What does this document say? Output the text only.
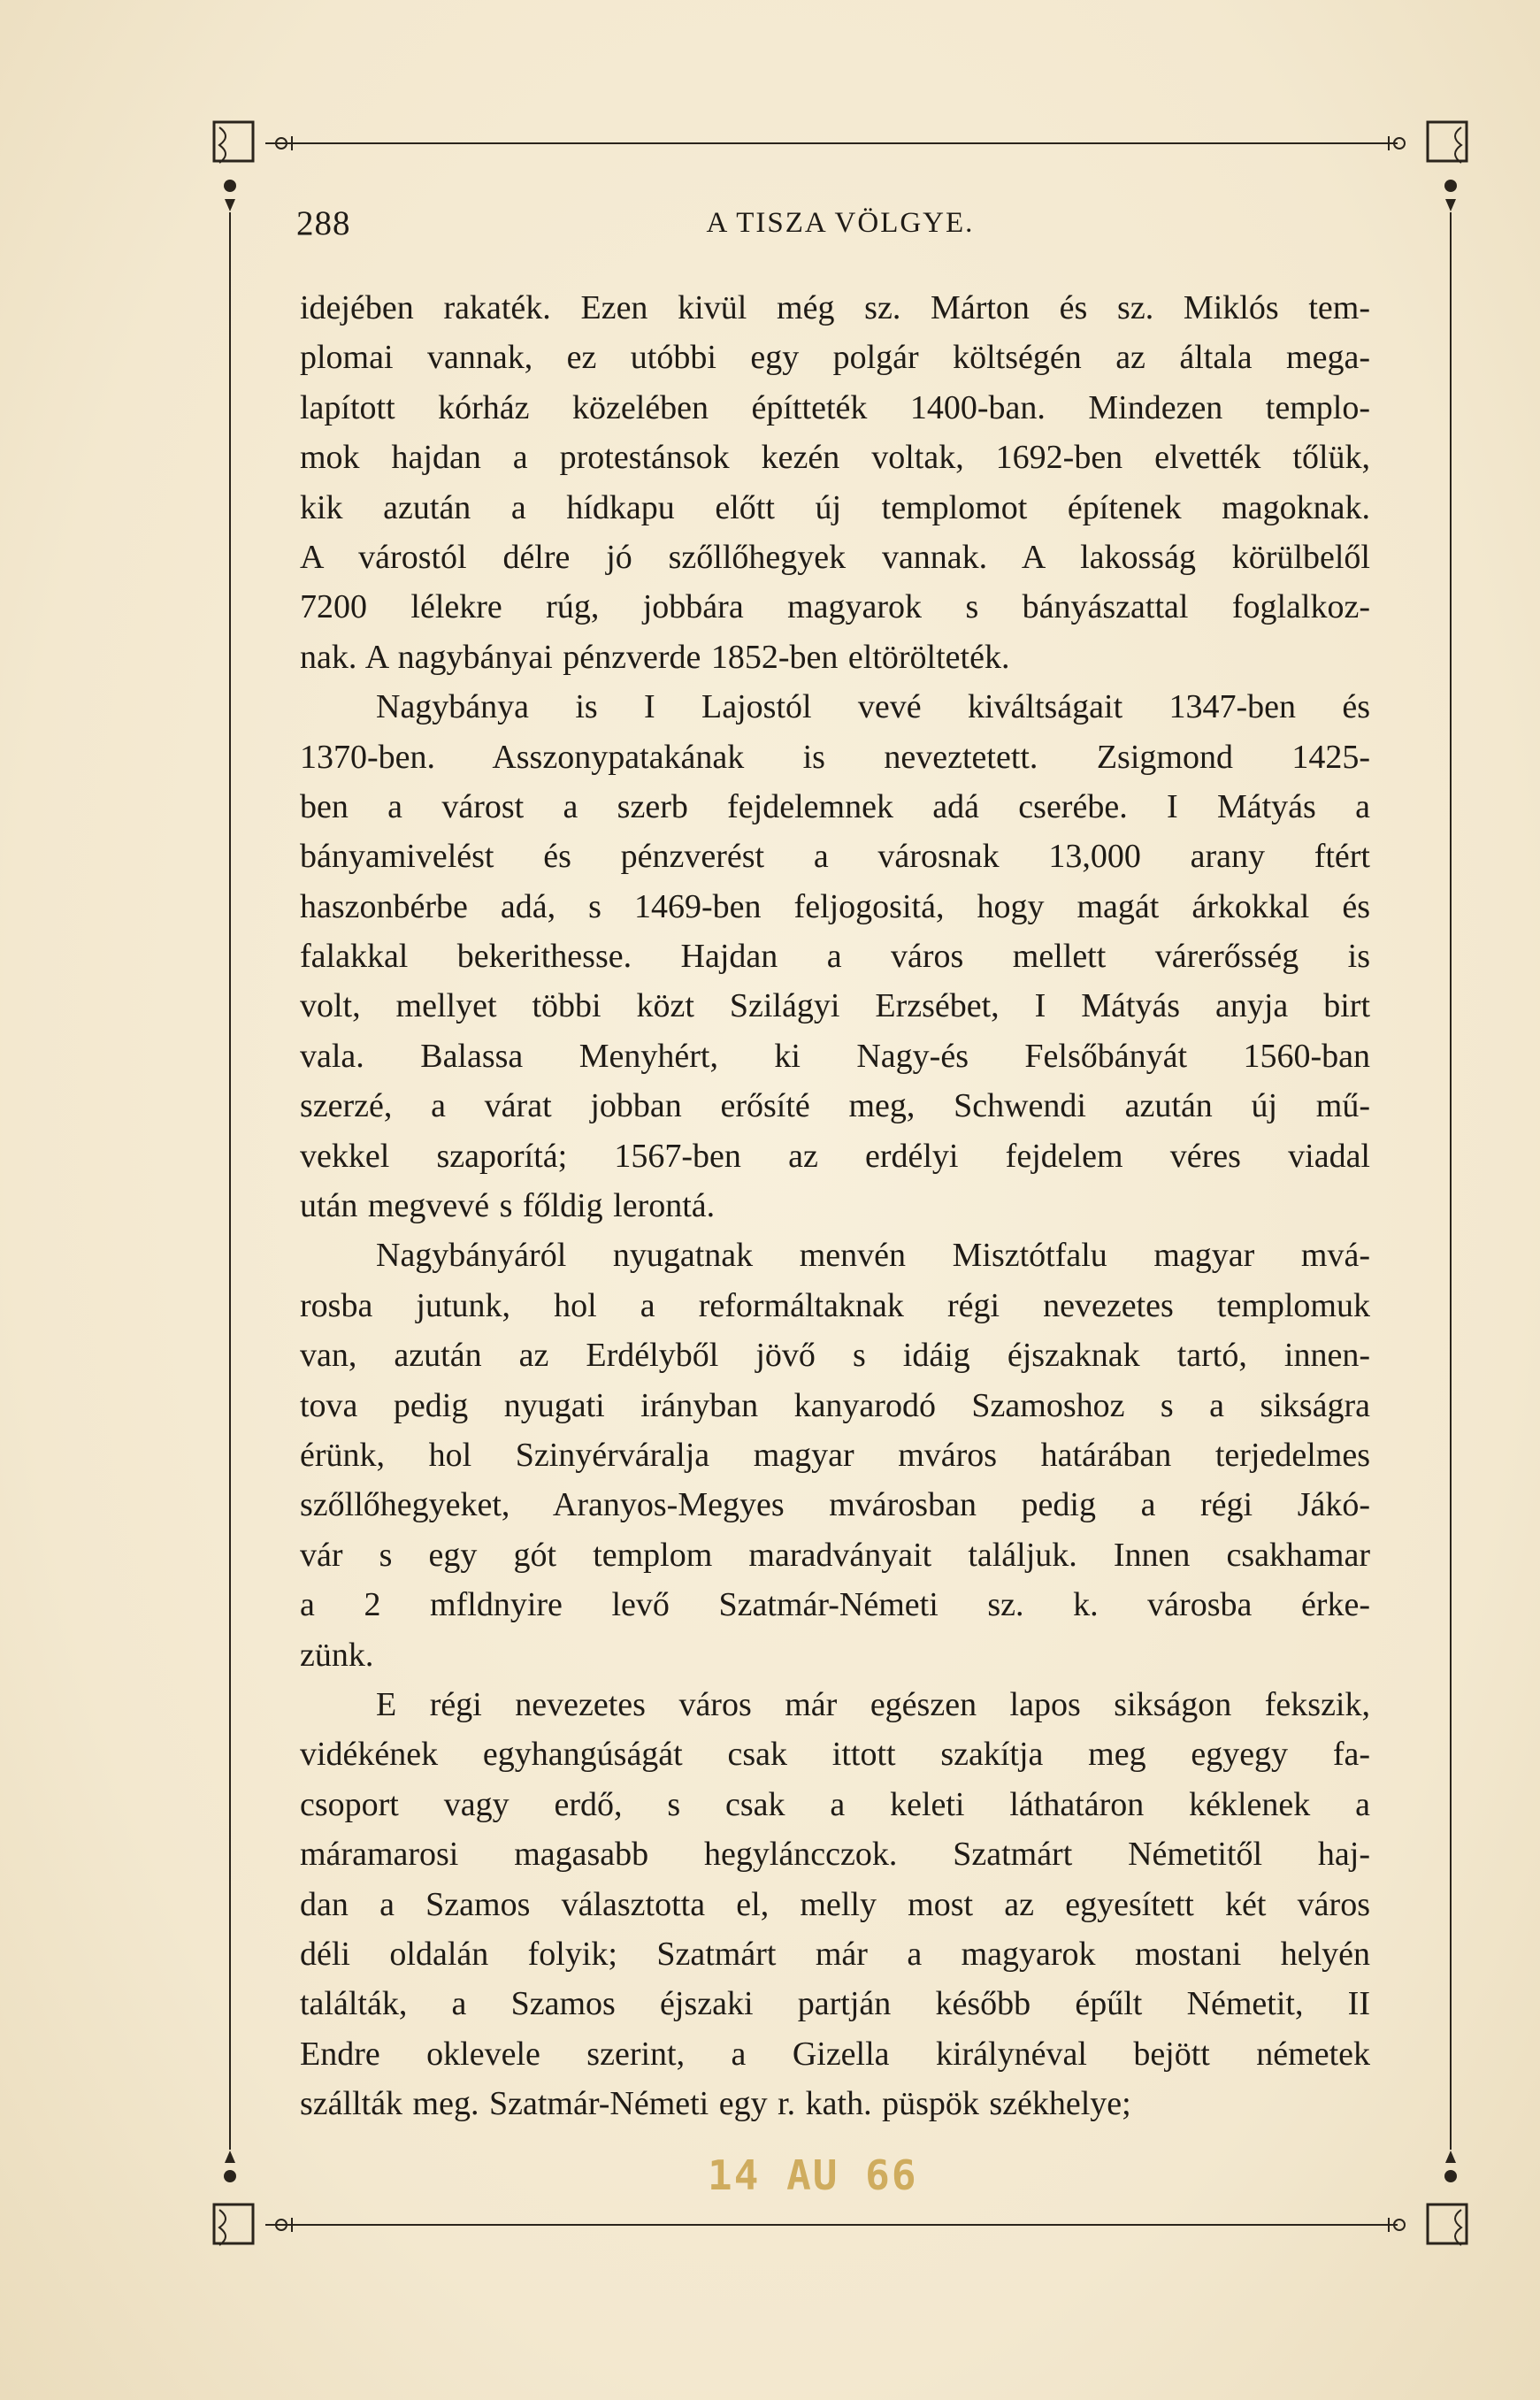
288	A TISZA VÖLGYE.
idejében rakaték. Ezen kivül még sz. Márton és sz. Miklós tem-
plomai vannak, ez utóbbi egy polgár költségén az általa mega-
lapított kórház közelében építteték 1400-ban. Mindezen templo-
mok hajdan a protestánsok kezén voltak, 1692-ben elvették tőlük,
kik azután a hídkapu előtt új templomot építenek magoknak.
A várostól délre jó szőllőhegyek vannak. A lakosság körülbelől
7200 lélekre rúg, jobbára magyarok s bányászattal foglalkoz-
nak. A nagybányai pénzverde 1852-ben eltörölteték.
Nagybánya is I Lajostól vevé kiváltságait 1347-ben és
1370-ben. Asszonypatakának is neveztetett. Zsigmond 1425-
ben a várost a szerb fejdelemnek adá cserébe. I Mátyás a
bányamivelést és pénzverést a városnak 13,000 arany ftért
haszonbérbe adá, s 1469-ben feljogositá, hogy magát árkokkal és
falakkal bekerithesse. Hajdan a város mellett várerősség is
volt, mellyet többi közt Szilágyi Erzsébet, I Mátyás anyja birt
vala. Balassa Menyhért, ki Nagy-és Felsőbányát 1560-ban
szerzé, a várat jobban erősíté meg, Schwendi azután új mű-
vekkel szaporítá; 1567-ben az erdélyi fejdelem véres viadal
után megvevé s főldig lerontá.
Nagybányáról nyugatnak menvén Misztótfalu magyar mvá-
rosba jutunk, hol a reformáltaknak régi nevezetes templomuk
van, azután az Erdélyből jövő s idáig éjszaknak tartó, innen-
tova pedig nyugati irányban kanyarodó Szamoshoz s a sikságra
érünk, hol Szinyérváralja magyar mváros határában terjedelmes
szőllőhegyeket, Aranyos-Megyes mvárosban pedig a régi Jákó-
vár s egy gót templom maradványait találjuk. Innen csakhamar
a 2 mfldnyire levő Szatmár-Németi sz. k. városba érke-
zünk.
E régi nevezetes város már egészen lapos sikságon fekszik,
vidékének egyhangúságát csak ittott szakítja meg egyegy fa-
csoport vagy erdő, s csak a keleti láthatáron kéklenek a
máramarosi magasabb hegyláncczok. Szatmárt Németitől haj-
dan a Szamos választotta el, melly most az egyesített két város
déli oldalán folyik; Szatmárt már a magyarok mostani helyén
találták, a Szamos éjszaki partján később épűlt Németit, II
Endre oklevele szerint, a Gizella királynéval bejött németek
szállták meg. Szatmár-Németi egy r. kath. püspök székhelye;
14 AU 66
